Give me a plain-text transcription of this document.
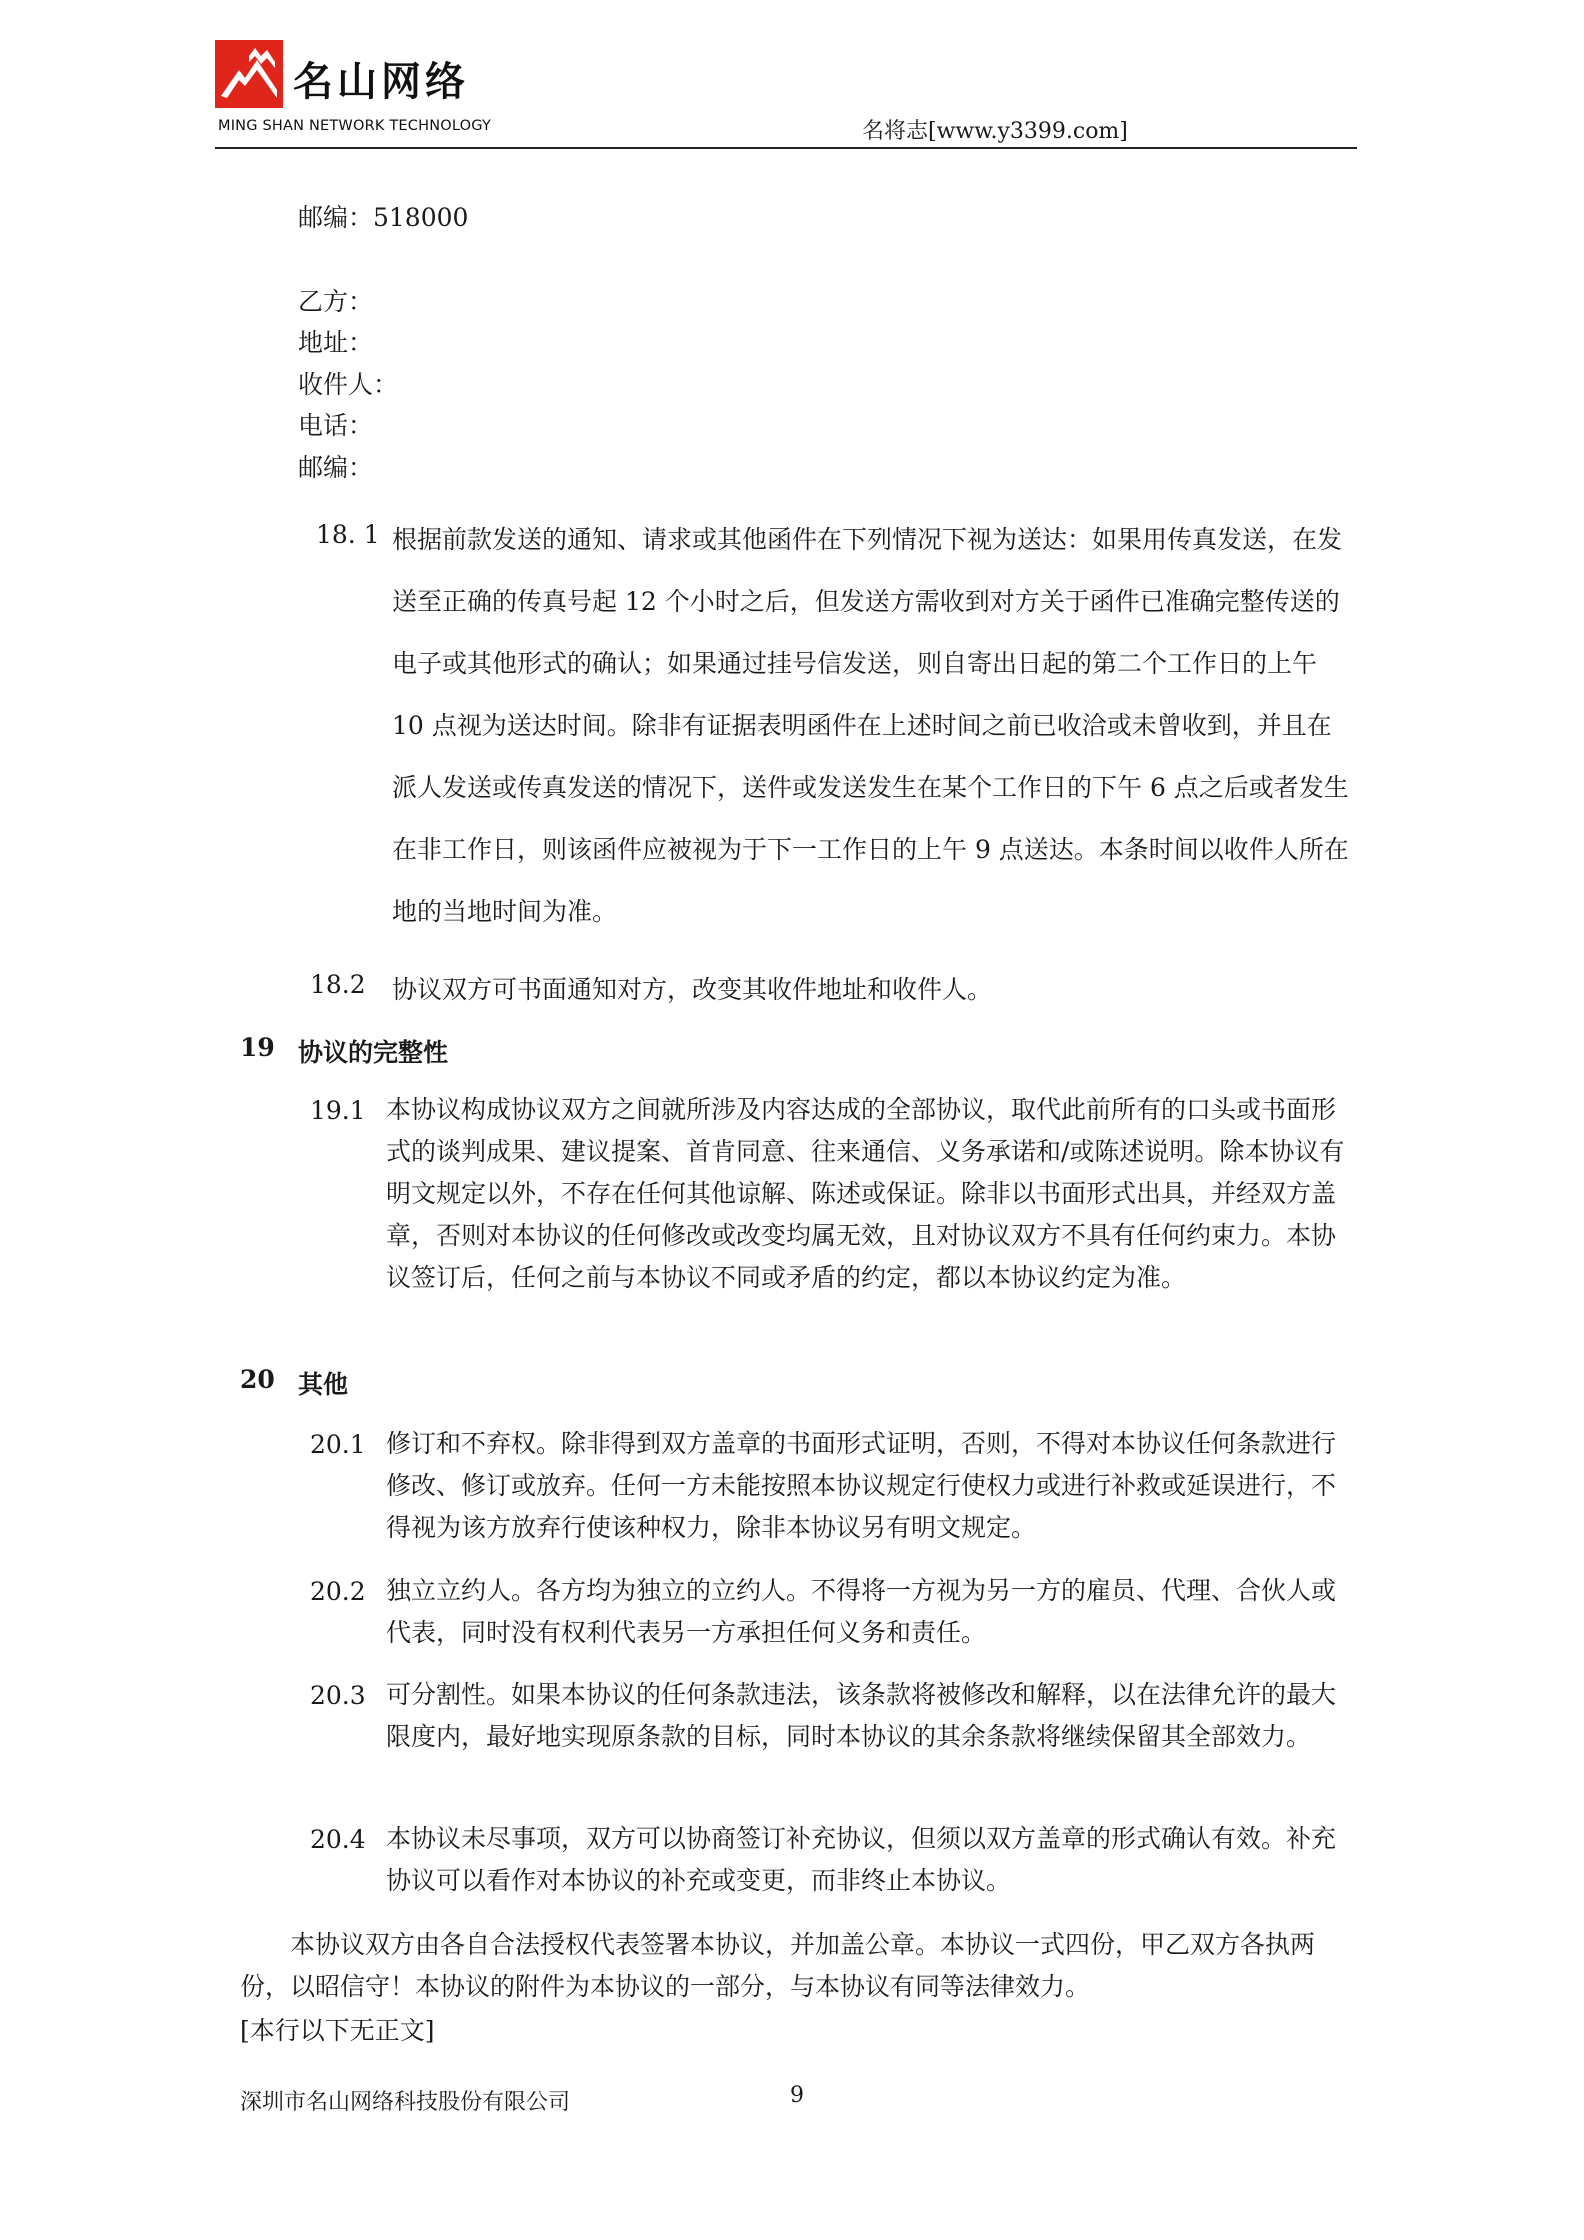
名山网络
MING SHAN NETWORK TECHNOLOGY	名将志[www.y3399.com]
邮编：518000
乙方：
地址：
收件人：
电话：
邮编：
18. 1 根据前款发送的通知、请求或其他函件在下列情况下视为送达：如果用传真发送，在发送至正确的传真号起 12 个小时之后，但发送方需收到对方关于函件已准确完整传送的电子或其他形式的确认；如果通过挂号信发送，则自寄出日起的第二个工作日的上午 10 点视为送达时间。除非有证据表明函件在上述时间之前已收洽或未曾收到，并且在派人发送或传真发送的情况下，送件或发送发生在某个工作日的下午 6 点之后或者发生在非工作日，则该函件应被视为于下一工作日的上午 9 点送达。本条时间以收件人所在地的当地时间为准。
18.2 协议双方可书面通知对方，改变其收件地址和收件人。
19 协议的完整性
19.1 本协议构成协议双方之间就所涉及内容达成的全部协议，取代此前所有的口头或书面形式的谈判成果、建议提案、首肯同意、往来通信、义务承诺和/或陈述说明。除本协议有明文规定以外，不存在任何其他谅解、陈述或保证。除非以书面形式出具，并经双方盖章，否则对本协议的任何修改或改变均属无效，且对协议双方不具有任何约束力。本协议签订后，任何之前与本协议不同或矛盾的约定，都以本协议约定为准。
20 其他
20.1 修订和不弃权。除非得到双方盖章的书面形式证明，否则，不得对本协议任何条款进行修改、修订或放弃。任何一方未能按照本协议规定行使权力或进行补救或延误进行，不得视为该方放弃行使该种权力，除非本协议另有明文规定。
20.2 独立立约人。各方均为独立的立约人。不得将一方视为另一方的雇员、代理、合伙人或代表，同时没有权利代表另一方承担任何义务和责任。
20.3 可分割性。如果本协议的任何条款违法，该条款将被修改和解释，以在法律允许的最大限度内，最好地实现原条款的目标，同时本协议的其余条款将继续保留其全部效力。
20.4 本协议未尽事项，双方可以协商签订补充协议，但须以双方盖章的形式确认有效。补充协议可以看作对本协议的补充或变更，而非终止本协议。
本协议双方由各自合法授权代表签署本协议，并加盖公章。本协议一式四份，甲乙双方各执两份，以昭信守！本协议的附件为本协议的一部分，与本协议有同等法律效力。
[本行以下无正文]
深圳市名山网络科技股份有限公司	9
